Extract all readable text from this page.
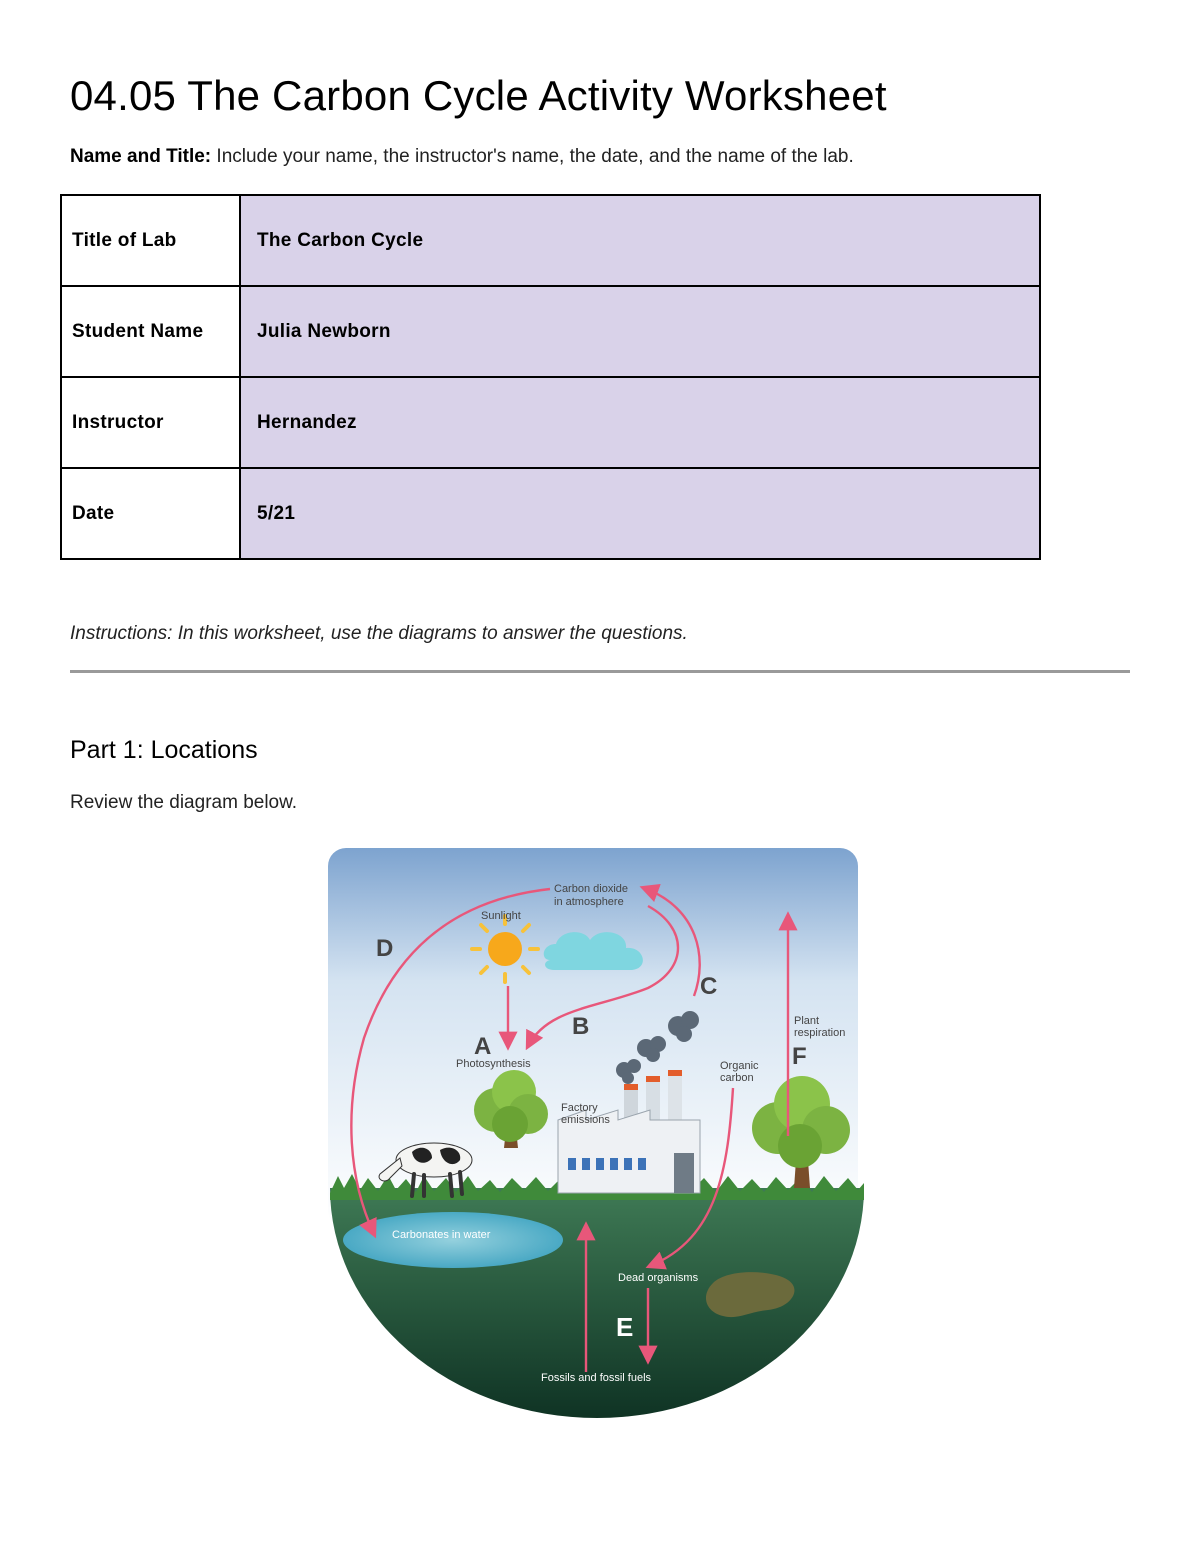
04.05 The Carbon Cycle Activity Worksheet
Name and Title: Include your name, the instructor's name, the date, and the name of the lab.
Title of Lab	The Carbon Cycle
Student Name	Julia Newborn
Instructor	Hernandez
Date	5/21
Instructions: In this worksheet, use the diagrams to answer the questions.
Part 1: Locations
Review the diagram below.
Carbon dioxide
in atmosphere
Sunlight
D
C
B
A
Photosynthesis
Plant
respiration
F
Organic
carbon
Factory
emissions
Carbonates in water
Dead organisms
E
Fossils and fossil fuels
